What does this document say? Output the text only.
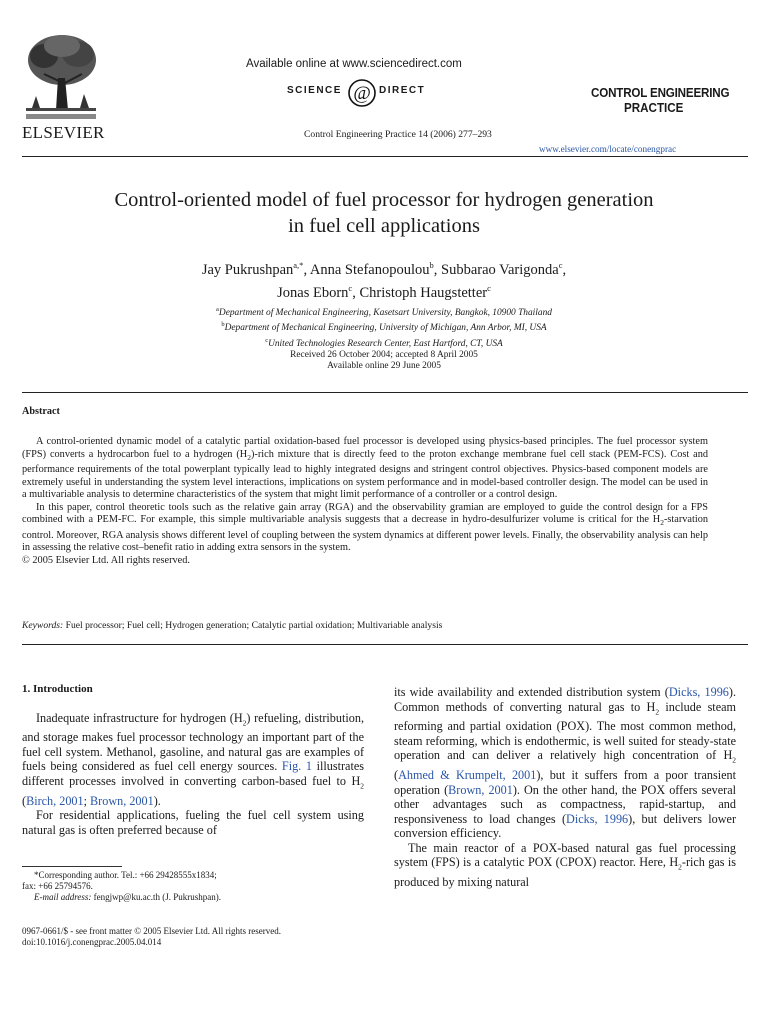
ELSEVIER
Available online at www.sciencedirect.com
SCIENCE @ DIRECT
Control Engineering Practice 14 (2006) 277–293
CONTROL ENGINEERING
PRACTICE
www.elsevier.com/locate/conengprac
Control-oriented model of fuel processor for hydrogen generation
in fuel cell applications
Jay Pukrushpan$^{a,*}$, Anna Stefanopoulou$^b$, Subbarao Varigonda$^c$,
Jonas Eborn$^c$, Christoph Haugstetter$^c$
$^a$Department of Mechanical Engineering, Kasetsart University, Bangkok, 10900 Thailand
$^b$Department of Mechanical Engineering, University of Michigan, Ann Arbor, MI, USA
$^c$United Technologies Research Center, East Hartford, CT, USA
Received 26 October 2004; accepted 8 April 2005
Available online 29 June 2005
Abstract

A control-oriented dynamic model of a catalytic partial oxidation-based fuel processor is developed using physics-based principles. The fuel processor system (FPS) converts a hydrocarbon fuel to a hydrogen $(H_2)$-rich mixture that is directly feed to the proton exchange membrane fuel cell stack (PEM-FCS). Cost and performance requirements of the total powerplant typically lead to highly integrated designs and stringent control objectives. Physics-based component models are extremely useful in understanding the system level interactions, implications on system performance and in model-based controller design. The model can be used in a multivariable analysis to determine characteristics of the system that might limit performance of a controller or a control design.

In this paper, control theoretic tools such as the relative gain array (RGA) and the observability gramian are employed to guide the control design for a FPS combined with a PEM-FC. For example, this simple multivariable analysis suggests that a decrease in hydro-desulfurizer volume is critical for the $H_2$-starvation control. Moreover, RGA analysis shows different level of coupling between the system dynamics at different power levels. Finally, the observability analysis can help in assessing the relative cost–benefit ratio in adding extra sensors in the system.

© 2005 Elsevier Ltd. All rights reserved.

Keywords: Fuel processor; Fuel cell; Hydrogen generation; Catalytic partial oxidation; Multivariable analysis

1. Introduction

Inadequate infrastructure for hydrogen $(H_2)$ refueling, distribution, and storage makes fuel processor technology an important part of the fuel cell system. Methanol, gasoline, and natural gas are examples of fuels being considered as fuel cell energy sources. Fig. 1 illustrates different processes involved in converting carbon-based fuel to $H_2$ (Birch, 2001; Brown, 2001).

For residential applications, fueling the fuel cell system using natural gas is often preferred because of

*Corresponding author. Tel.: +66 29428555x1834;

fax: +66 25794576.

E-mail address: fengjwp@ku.ac.th (J. Pukrushpan).

0967-0661/$ - see front matter © 2005 Elsevier Ltd. All rights reserved.

doi:10.1016/j.conengprac.2005.04.014

its wide availability and extended distribution system (Dicks, 1996). Common methods of converting natural gas to $H_2$ include steam reforming and partial oxidation (POX). The most common method, steam reforming, which is endothermic, is well suited for steady-state operation and can deliver a relatively high concentration of $H_2$ (Ahmed & Krumpelt, 2001), but it suffers from a poor transient operation (Brown, 2001). On the other hand, the POX offers several other advantages such as compactness, rapid-startup, and responsiveness to load changes (Dicks, 1996), but delivers lower conversion efficiency.

The main reactor of a POX-based natural gas fuel processing system (FPS) is a catalytic POX (CPOX) reactor. Here, $H_2$-rich gas is produced by mixing natural
